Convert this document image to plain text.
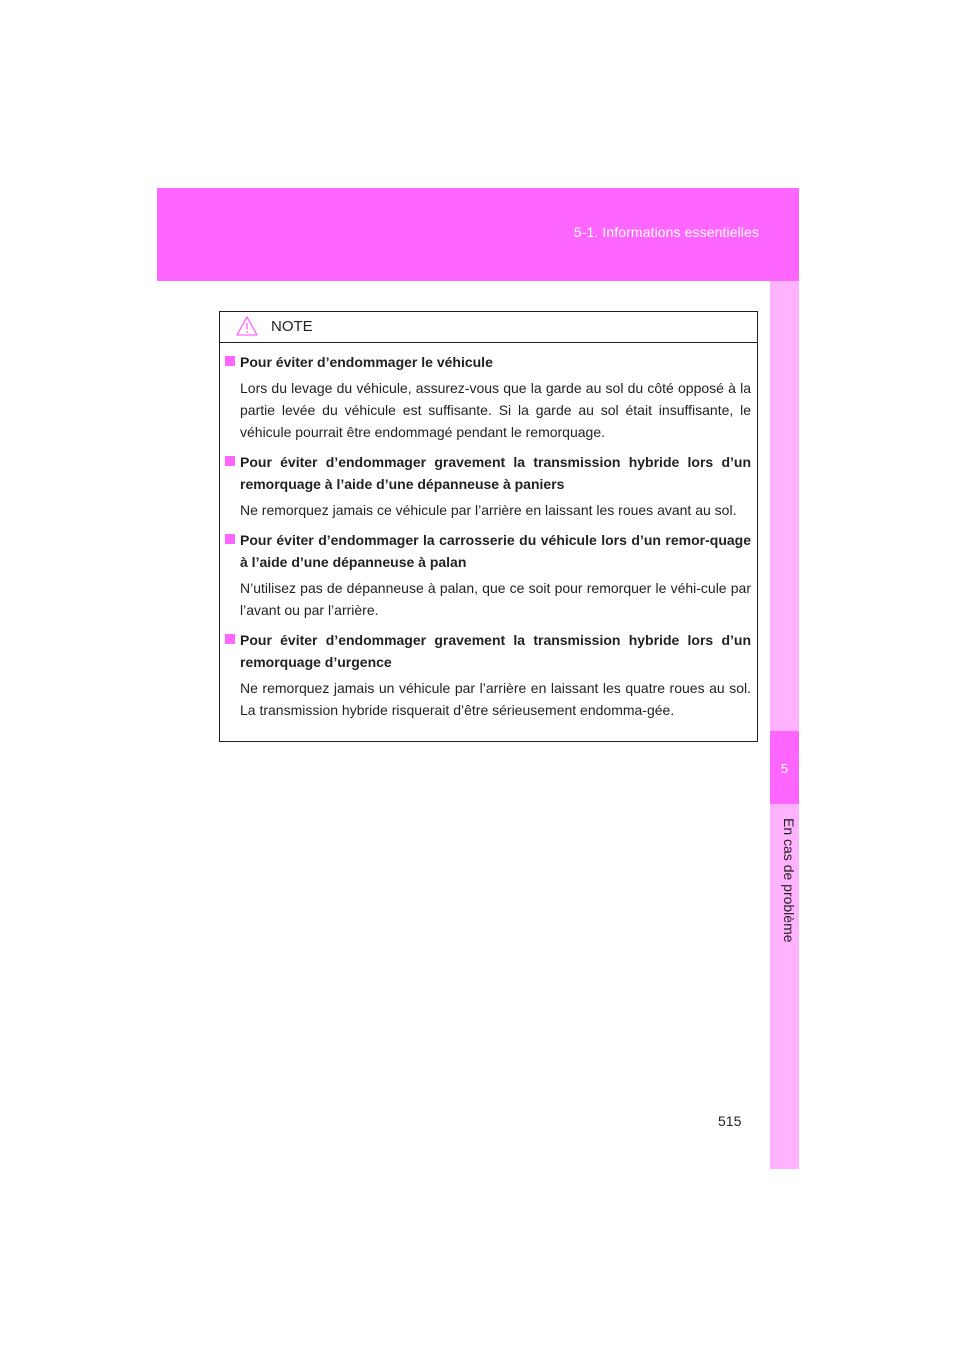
5-1. Informations essentielles
5
En cas de problème
NOTE
Pour éviter d’endommager le véhicule
Lors du levage du véhicule, assurez-vous que la garde au sol du côté opposé à la partie levée du véhicule est suffisante. Si la garde au sol était insuffisante, le véhicule pourrait être endommagé pendant le remorquage.
Pour éviter d’endommager gravement la transmission hybride lors d’un remorquage à l’aide d’une dépanneuse à paniers
Ne remorquez jamais ce véhicule par l’arrière en laissant les roues avant au sol.
Pour éviter d’endommager la carrosserie du véhicule lors d’un remor-quage à l’aide d’une dépanneuse à palan
N’utilisez pas de dépanneuse à palan, que ce soit pour remorquer le véhi-cule par l’avant ou par l’arrière.
Pour éviter d’endommager gravement la transmission hybride lors d’un remorquage d’urgence
Ne remorquez jamais un véhicule par l’arrière en laissant les quatre roues au sol. La transmission hybride risquerait d’être sérieusement endomma-gée.
515
